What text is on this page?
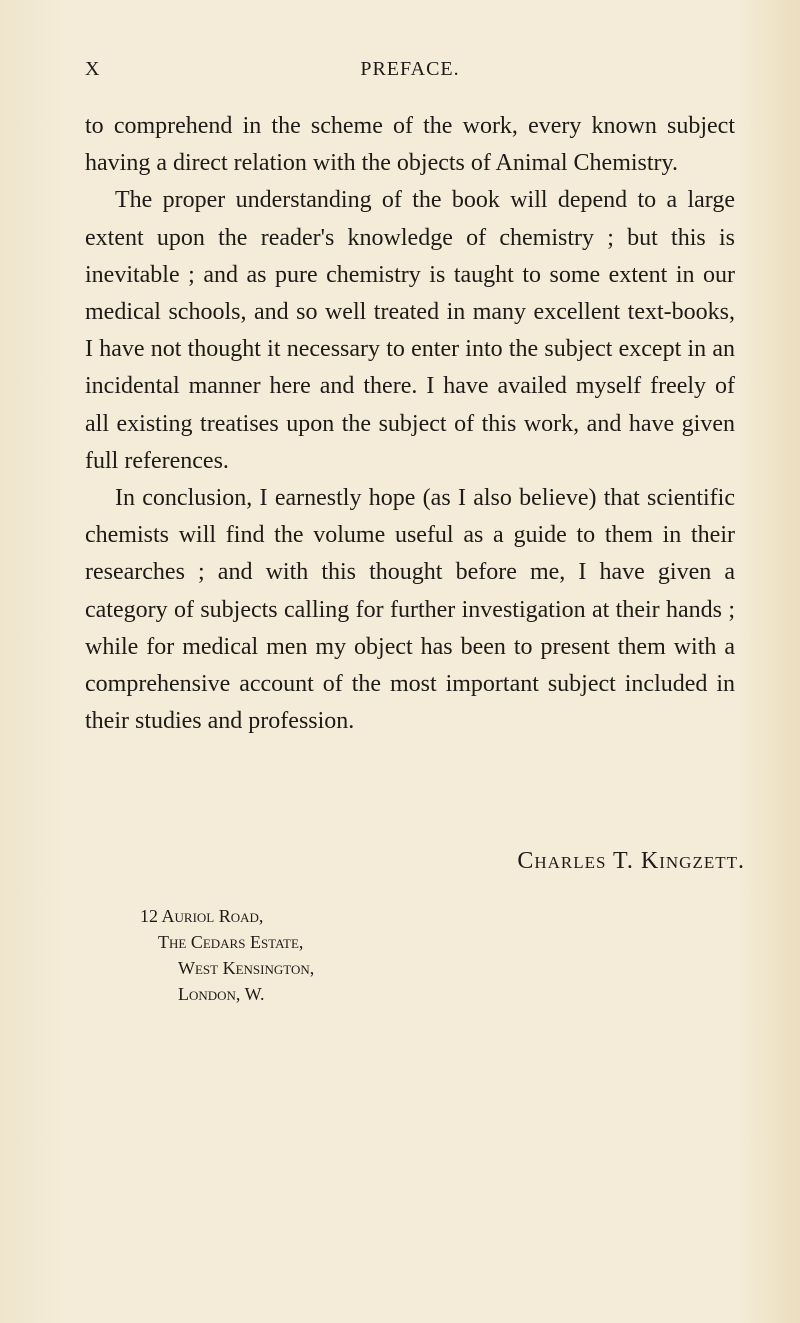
X	PREFACE.

to comprehend in the scheme of the work, every known subject having a direct relation with the objects of Animal Chemistry.

The proper understanding of the book will depend to a large extent upon the reader's knowledge of chemistry ; but this is inevitable ; and as pure chemistry is taught to some extent in our medical schools, and so well treated in many excellent text-books, I have not thought it necessary to enter into the subject except in an incidental manner here and there. I have availed myself freely of all existing treatises upon the subject of this work, and have given full references.

In conclusion, I earnestly hope (as I also believe) that scientific chemists will find the volume useful as a guide to them in their researches ; and with this thought before me, I have given a category of subjects calling for further investigation at their hands ; while for medical men my object has been to present them with a comprehensive account of the most important subject included in their studies and profession.

Charles T. Kingzett.
12 Auriol Road,
The Cedars Estate,
West Kensington,
London, W.
